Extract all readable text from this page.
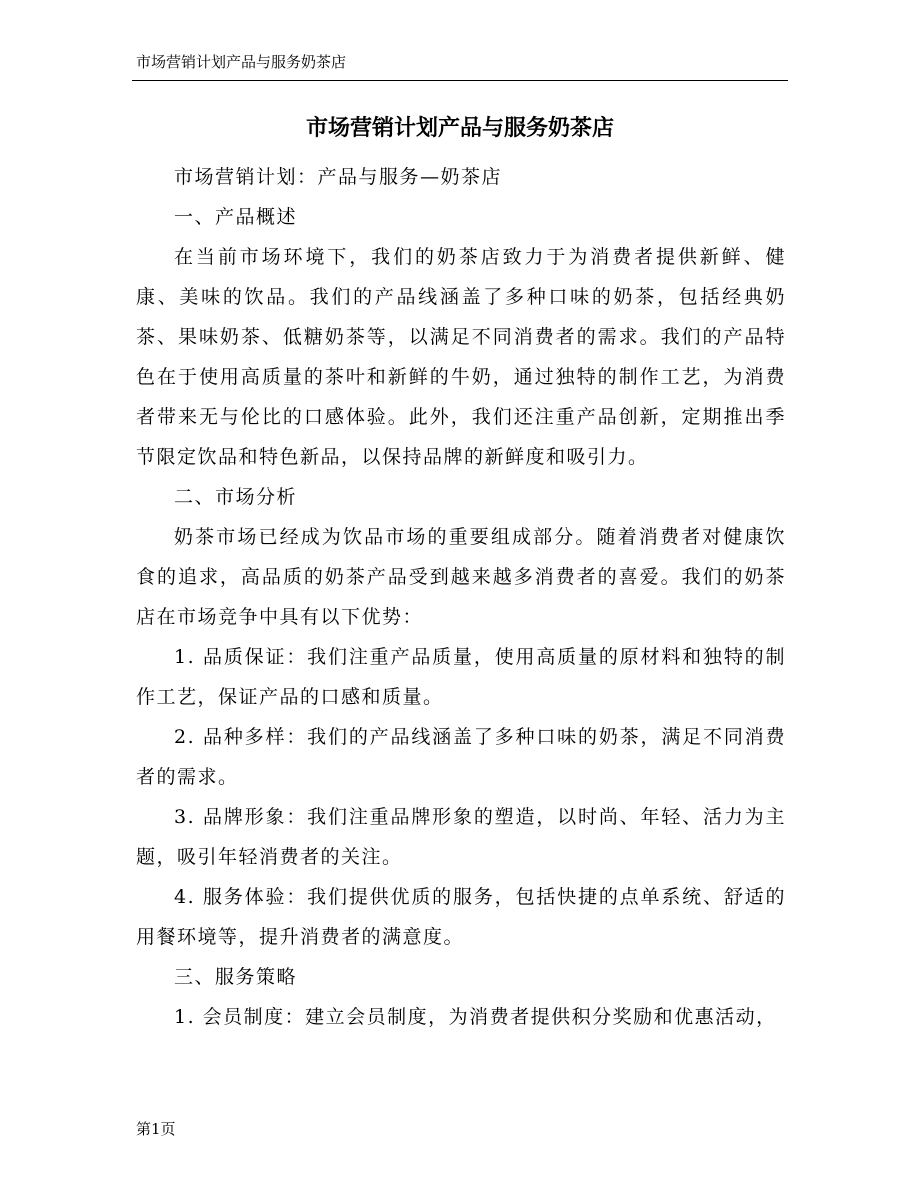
市场营销计划产品与服务奶茶店
市场营销计划产品与服务奶茶店

市场营销计划：产品与服务—奶茶店

一、产品概述

在当前市场环境下，我们的奶茶店致力于为消费者提供新鲜、健康、美味的饮品。我们的产品线涵盖了多种口味的奶茶，包括经典奶茶、果味奶茶、低糖奶茶等，以满足不同消费者的需求。我们的产品特色在于使用高质量的茶叶和新鲜的牛奶，通过独特的制作工艺，为消费者带来无与伦比的口感体验。此外，我们还注重产品创新，定期推出季节限定饮品和特色新品，以保持品牌的新鲜度和吸引力。

二、市场分析

奶茶市场已经成为饮品市场的重要组成部分。随着消费者对健康饮食的追求，高品质的奶茶产品受到越来越多消费者的喜爱。我们的奶茶店在市场竞争中具有以下优势：

1. 品质保证：我们注重产品质量，使用高质量的原材料和独特的制作工艺，保证产品的口感和质量。

2. 品种多样：我们的产品线涵盖了多种口味的奶茶，满足不同消费者的需求。

3. 品牌形象：我们注重品牌形象的塑造，以时尚、年轻、活力为主题，吸引年轻消费者的关注。

4. 服务体验：我们提供优质的服务，包括快捷的点单系统、舒适的用餐环境等，提升消费者的满意度。

三、服务策略

1. 会员制度：建立会员制度，为消费者提供积分奖励和优惠活动，

第1页
